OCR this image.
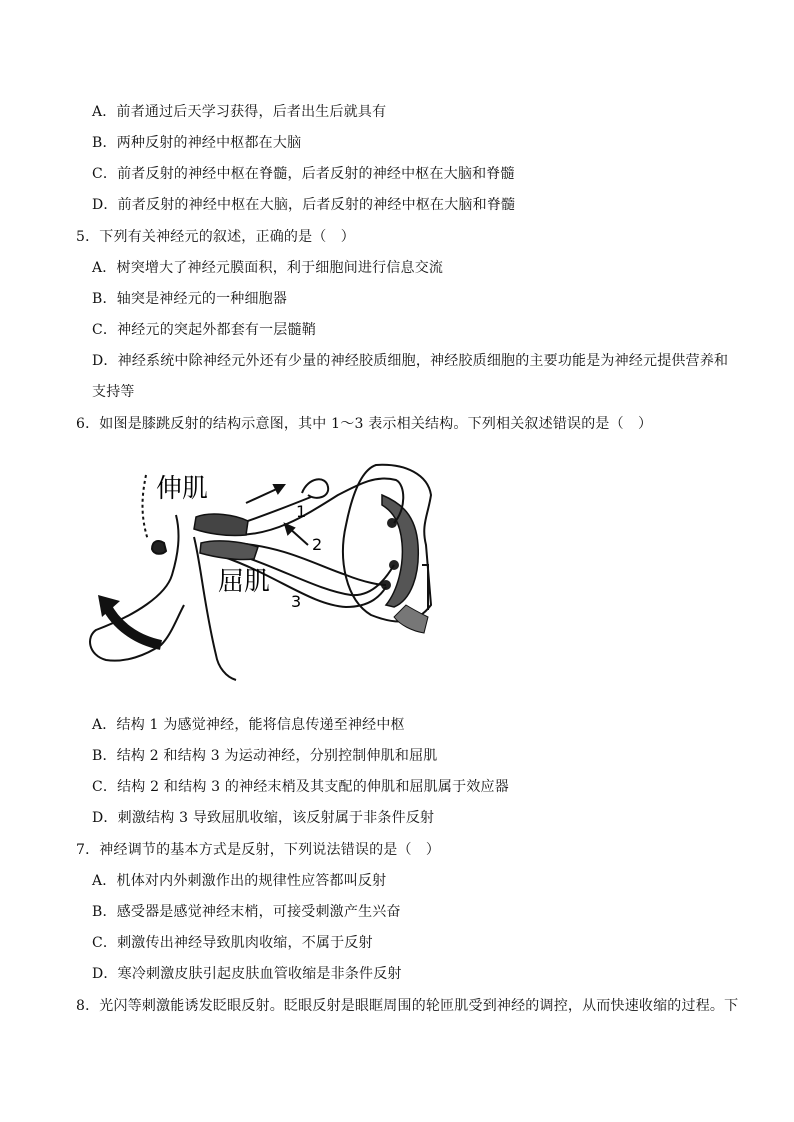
A．前者通过后天学习获得，后者出生后就具有
B．两种反射的神经中枢都在大脑
C．前者反射的神经中枢在脊髓，后者反射的神经中枢在大脑和脊髓
D．前者反射的神经中枢在大脑，后者反射的神经中枢在大脑和脊髓
5．下列有关神经元的叙述，正确的是（　）
A．树突增大了神经元膜面积，利于细胞间进行信息交流
B．轴突是神经元的一种细胞器
C．神经元的突起外都套有一层髓鞘
D．神经系统中除神经元外还有少量的神经胶质细胞，神经胶质细胞的主要功能是为神经元提供营养和
支持等
6．如图是膝跳反射的结构示意图，其中 1～3 表示相关结构。下列相关叙述错误的是（　）
伸肌
屈肌
1
2
3
A．结构 1 为感觉神经，能将信息传递至神经中枢
B．结构 2 和结构 3 为运动神经，分别控制伸肌和屈肌
C．结构 2 和结构 3 的神经末梢及其支配的伸肌和屈肌属于效应器
D．刺激结构 3 导致屈肌收缩，该反射属于非条件反射
7．神经调节的基本方式是反射，下列说法错误的是（　）
A．机体对内外刺激作出的规律性应答都叫反射
B．感受器是感觉神经末梢，可接受刺激产生兴奋
C．刺激传出神经导致肌肉收缩，不属于反射
D．寒冷刺激皮肤引起皮肤血管收缩是非条件反射
8．光闪等刺激能诱发眨眼反射。眨眼反射是眼眶周围的轮匝肌受到神经的调控，从而快速收缩的过程。下
